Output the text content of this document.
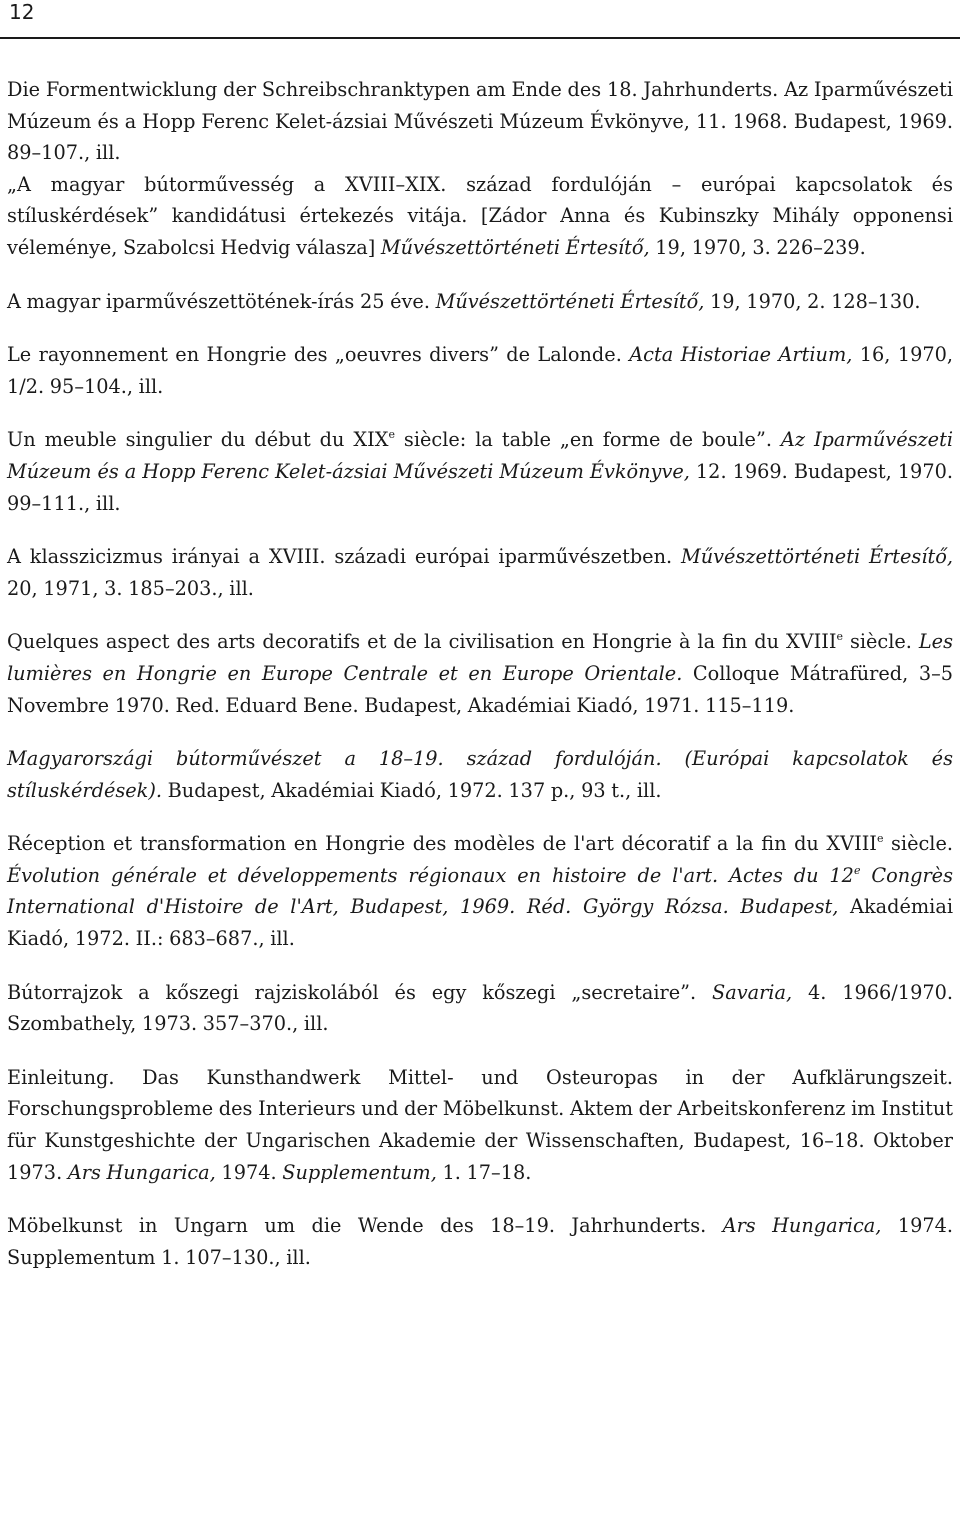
12

Die Formentwicklung der Schreibschranktypen am Ende des 18. Jahrhunderts. Az Iparművészeti Múzeum és a Hopp Ferenc Kelet-ázsiai Művészeti Múzeum Évkönyve, 11. 1968. Budapest, 1969. 89–107., ill.

„A magyar bútorművesség a XVIII–XIX. század fordulóján – európai kapcsolatok és stíluskérdések” kandidátusi értekezés vitája. [Zádor Anna és Kubinszky Mihály opponensi véleménye, Szabolcsi Hedvig válasza] Művészettörténeti Értesítő, 19, 1970, 3. 226–239.

A magyar iparművészettötének-írás 25 éve. Művészettörténeti Értesítő, 19, 1970, 2. 128–130.

Le rayonnement en Hongrie des „oeuvres divers” de Lalonde. Acta Historiae Artium, 16, 1970, 1/2. 95–104., ill.

Un meuble singulier du début du XIXe siècle: la table „en forme de boule”. Az Iparművészeti Múzeum és a Hopp Ferenc Kelet-ázsiai Művészeti Múzeum Évkönyve, 12. 1969. Budapest, 1970. 99–111., ill.

A klasszicizmus irányai a XVIII. századi európai iparművészetben. Művészettörténeti Értesítő, 20, 1971, 3. 185–203., ill.

Quelques aspect des arts decoratifs et de la civilisation en Hongrie à la fin du XVIIIe siècle. Les lumières en Hongrie en Europe Centrale et en Europe Orientale. Colloque Mátrafüred, 3–5 Novembre 1970. Red. Eduard Bene. Budapest, Akadémiai Kiadó, 1971. 115–119.

Magyarországi bútorművészet a 18–19. század fordulóján. (Európai kapcsolatok és stíluskérdések). Budapest, Akadémiai Kiadó, 1972. 137 p., 93 t., ill.

Réception et transformation en Hongrie des modèles de l'art décoratif a la fin du XVIIIe siècle. Évolution générale et développements régionaux en histoire de l'art. Actes du 12e Congrès International d'Histoire de l'Art, Budapest, 1969. Réd. György Rózsa. Budapest, Akadémiai Kiadó, 1972. II.: 683–687., ill.

Bútorrajzok a kőszegi rajziskolából és egy kőszegi „secretaire”. Savaria, 4. 1966/1970. Szombathely, 1973. 357–370., ill.

Einleitung. Das Kunsthandwerk Mittel- und Osteuropas in der Aufklärungszeit. Forschungsprobleme des Interieurs und der Möbelkunst. Aktem der Arbeitskonferenz im Institut für Kunstgeshichte der Ungarischen Akademie der Wissenschaften, Budapest, 16–18. Oktober 1973. Ars Hungarica, 1974. Supplementum, 1. 17–18.

Möbelkunst in Ungarn um die Wende des 18–19. Jahrhunderts. Ars Hungarica, 1974. Supplementum 1. 107–130., ill.
